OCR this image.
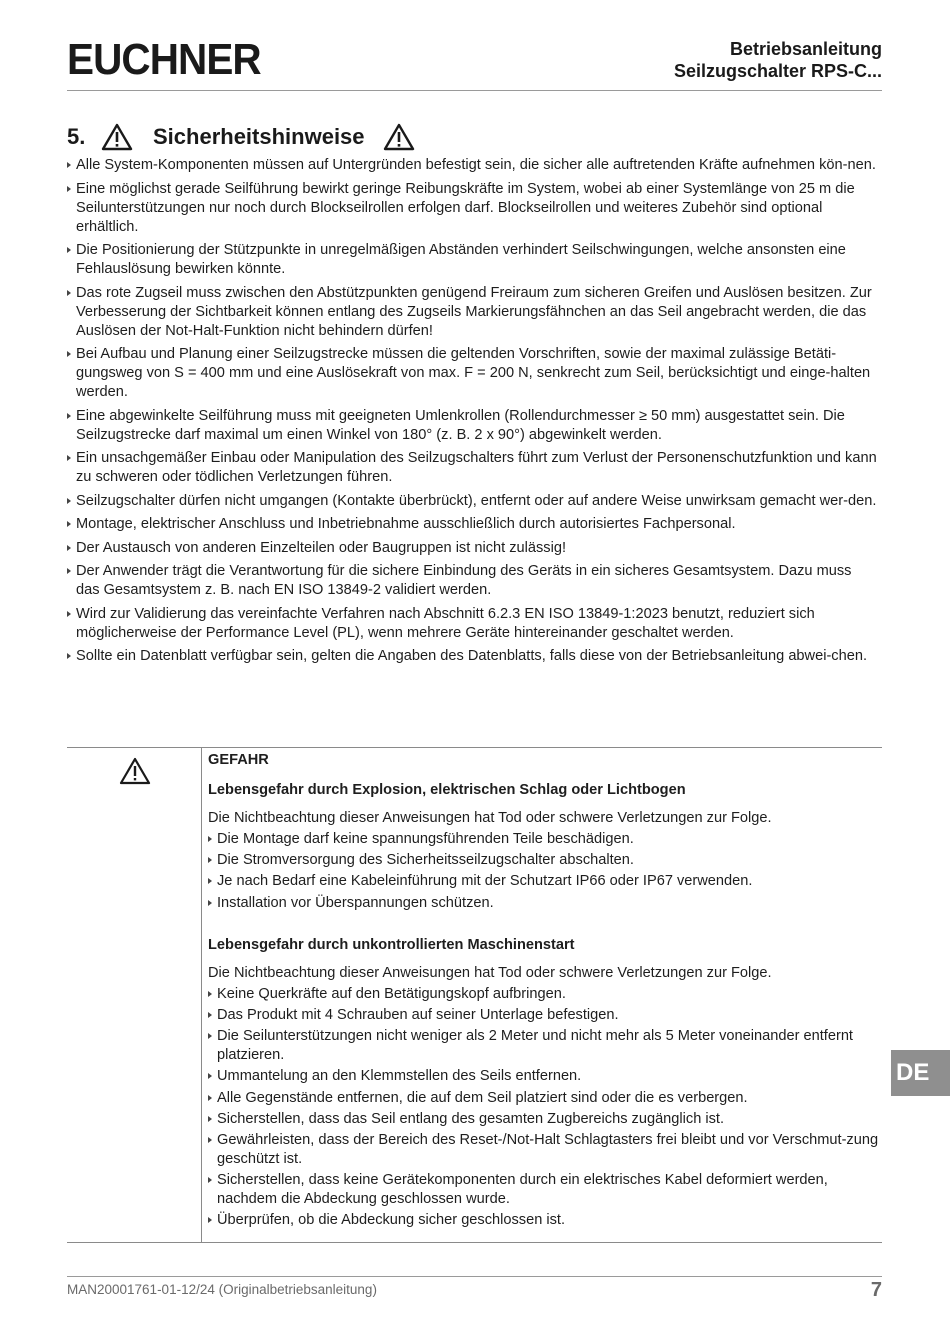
EUCHNER	Betriebsanleitung
Seilzugschalter RPS-C...
5.	Sicherheitshinweise
Alle System-Komponenten müssen auf Untergründen befestigt sein, die sicher alle auftretenden Kräfte aufnehmen kön-nen.
Eine möglichst gerade Seilführung bewirkt geringe Reibungskräfte im System, wobei ab einer Systemlänge von 25 m die Seilunterstützungen nur noch durch Blockseilrollen erfolgen darf. Blockseilrollen und weiteres Zubehör sind optional erhältlich.
Die Positionierung der Stützpunkte in unregelmäßigen Abständen verhindert Seilschwingungen, welche ansonsten eine Fehlauslösung bewirken könnte.
Das rote Zugseil muss zwischen den Abstützpunkten genügend Freiraum zum sicheren Greifen und Auslösen besitzen. Zur Verbesserung der Sichtbarkeit können entlang des Zugseils Markierungsfähnchen an das Seil angebracht werden, die das Auslösen der Not-Halt-Funktion nicht behindern dürfen!
Bei Aufbau und Planung einer Seilzugstrecke müssen die geltenden Vorschriften, sowie der maximal zulässige Betäti-gungsweg von S = 400 mm und eine Auslösekraft von max. F = 200 N, senkrecht zum Seil, berücksichtigt und einge-halten werden.
Eine abgewinkelte Seilführung muss mit geeigneten Umlenkrollen (Rollendurchmesser ≥ 50 mm) ausgestattet sein. Die Seilzugstrecke darf maximal um einen Winkel von 180° (z. B. 2 x 90°) abgewinkelt werden.
Ein unsachgemäßer Einbau oder Manipulation des Seilzugschalters führt zum Verlust der Personenschutzfunktion und kann zu schweren oder tödlichen Verletzungen führen.
Seilzugschalter dürfen nicht umgangen (Kontakte überbrückt), entfernt oder auf andere Weise unwirksam gemacht wer-den.
Montage, elektrischer Anschluss und Inbetriebnahme ausschließlich durch autorisiertes Fachpersonal.
Der Austausch von anderen Einzelteilen oder Baugruppen ist nicht zulässig!
Der Anwender trägt die Verantwortung für die sichere Einbindung des Geräts in ein sicheres Gesamtsystem. Dazu muss das Gesamtsystem z. B. nach EN ISO 13849-2 validiert werden.
Wird zur Validierung das vereinfachte Verfahren nach Abschnitt 6.2.3 EN ISO 13849-1:2023 benutzt, reduziert sich möglicherweise der Performance Level (PL), wenn mehrere Geräte hintereinander geschaltet werden.
Sollte ein Datenblatt verfügbar sein, gelten die Angaben des Datenblatts, falls diese von der Betriebsanleitung abwei-chen.
GEFAHR
Lebensgefahr durch Explosion, elektrischen Schlag oder Lichtbogen
Die Nichtbeachtung dieser Anweisungen hat Tod oder schwere Verletzungen zur Folge.
Die Montage darf keine spannungsführenden Teile beschädigen.
Die Stromversorgung des Sicherheitsseilzugschalter abschalten.
Je nach Bedarf eine Kabeleinführung mit der Schutzart IP66 oder IP67 verwenden.
Installation vor Überspannungen schützen.
Lebensgefahr durch unkontrollierten Maschinenstart
Die Nichtbeachtung dieser Anweisungen hat Tod oder schwere Verletzungen zur Folge.
Keine Querkräfte auf den Betätigungskopf aufbringen.
Das Produkt mit 4 Schrauben auf seiner Unterlage befestigen.
Die Seilunterstützungen nicht weniger als 2 Meter und nicht mehr als 5 Meter voneinander entfernt platzieren.
Ummantelung an den Klemmstellen des Seils entfernen.
Alle Gegenstände entfernen, die auf dem Seil platziert sind oder die es verbergen.
Sicherstellen, dass das Seil entlang des gesamten Zugbereichs zugänglich ist.
Gewährleisten, dass der Bereich des Reset-/Not-Halt Schlagtasters frei bleibt und vor Verschmut-zung geschützt ist.
Sicherstellen, dass keine Gerätekomponenten durch ein elektrisches Kabel deformiert werden, nachdem die Abdeckung geschlossen wurde.
Überprüfen, ob die Abdeckung sicher geschlossen ist.
DE
MAN20001761-01-12/24 (Originalbetriebsanleitung)	7
